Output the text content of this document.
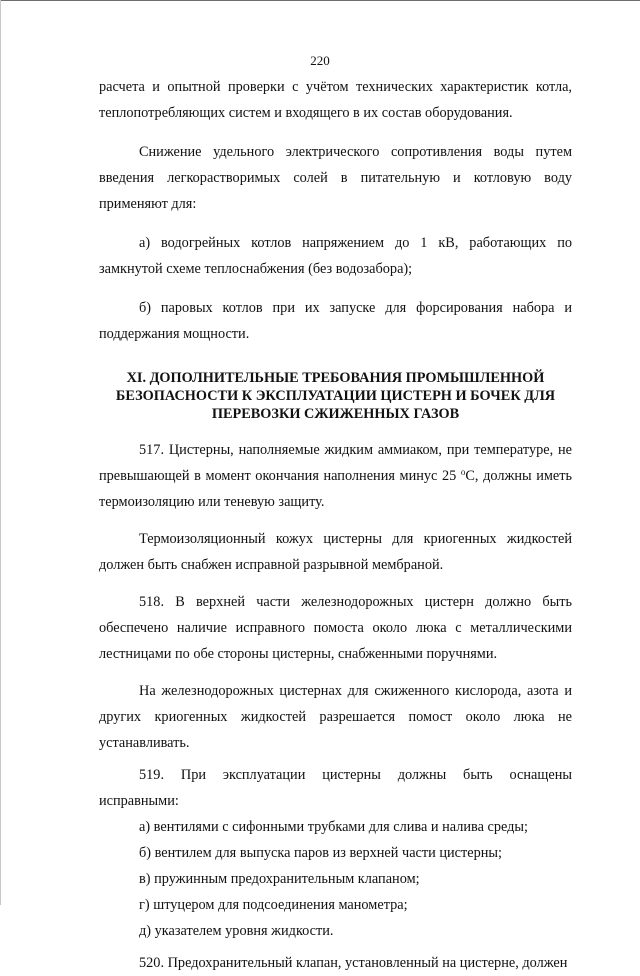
220

расчета и опытной проверки с учётом технических характеристик котла, теплопотребляющих систем и входящего в их состав оборудования.

Снижение удельного электрического сопротивления воды путем введения легкорастворимых солей в питательную и котловую воду применяют для:

а) водогрейных котлов напряжением до 1 кВ, работающих по замкнутой схеме теплоснабжения (без водозабора);

б) паровых котлов при их запуске для форсирования набора и поддержания мощности.

XI. ДОПОЛНИТЕЛЬНЫЕ ТРЕБОВАНИЯ ПРОМЫШЛЕННОЙ
БЕЗОПАСНОСТИ К ЭКСПЛУАТАЦИИ ЦИСТЕРН И БОЧЕК ДЛЯ
ПЕРЕВОЗКИ СЖИЖЕННЫХ ГАЗОВ

517. Цистерны, наполняемые жидким аммиаком, при температуре, не превышающей в момент окончания наполнения минус 25 $^о$С, должны иметь термоизоляцию или теневую защиту.

Термоизоляционный кожух цистерны для криогенных жидкостей должен быть снабжен исправной разрывной мембраной.

518. В верхней части железнодорожных цистерн должно быть обеспечено наличие исправного помоста около люка с металлическими лестницами по обе стороны цистерны, снабженными поручнями.

На железнодорожных цистернах для сжиженного кислорода, азота и других криогенных жидкостей разрешается помост около люка не устанавливать.

519. При эксплуатации цистерны должны быть оснащены исправными:

а) вентилями с сифонными трубками для слива и налива среды;

б) вентилем для выпуска паров из верхней части цистерны;

в) пружинным предохранительным клапаном;

г) штуцером для подсоединения манометра;

д) указателем уровня жидкости.

520. Предохранительный клапан, установленный на цистерне, должен
